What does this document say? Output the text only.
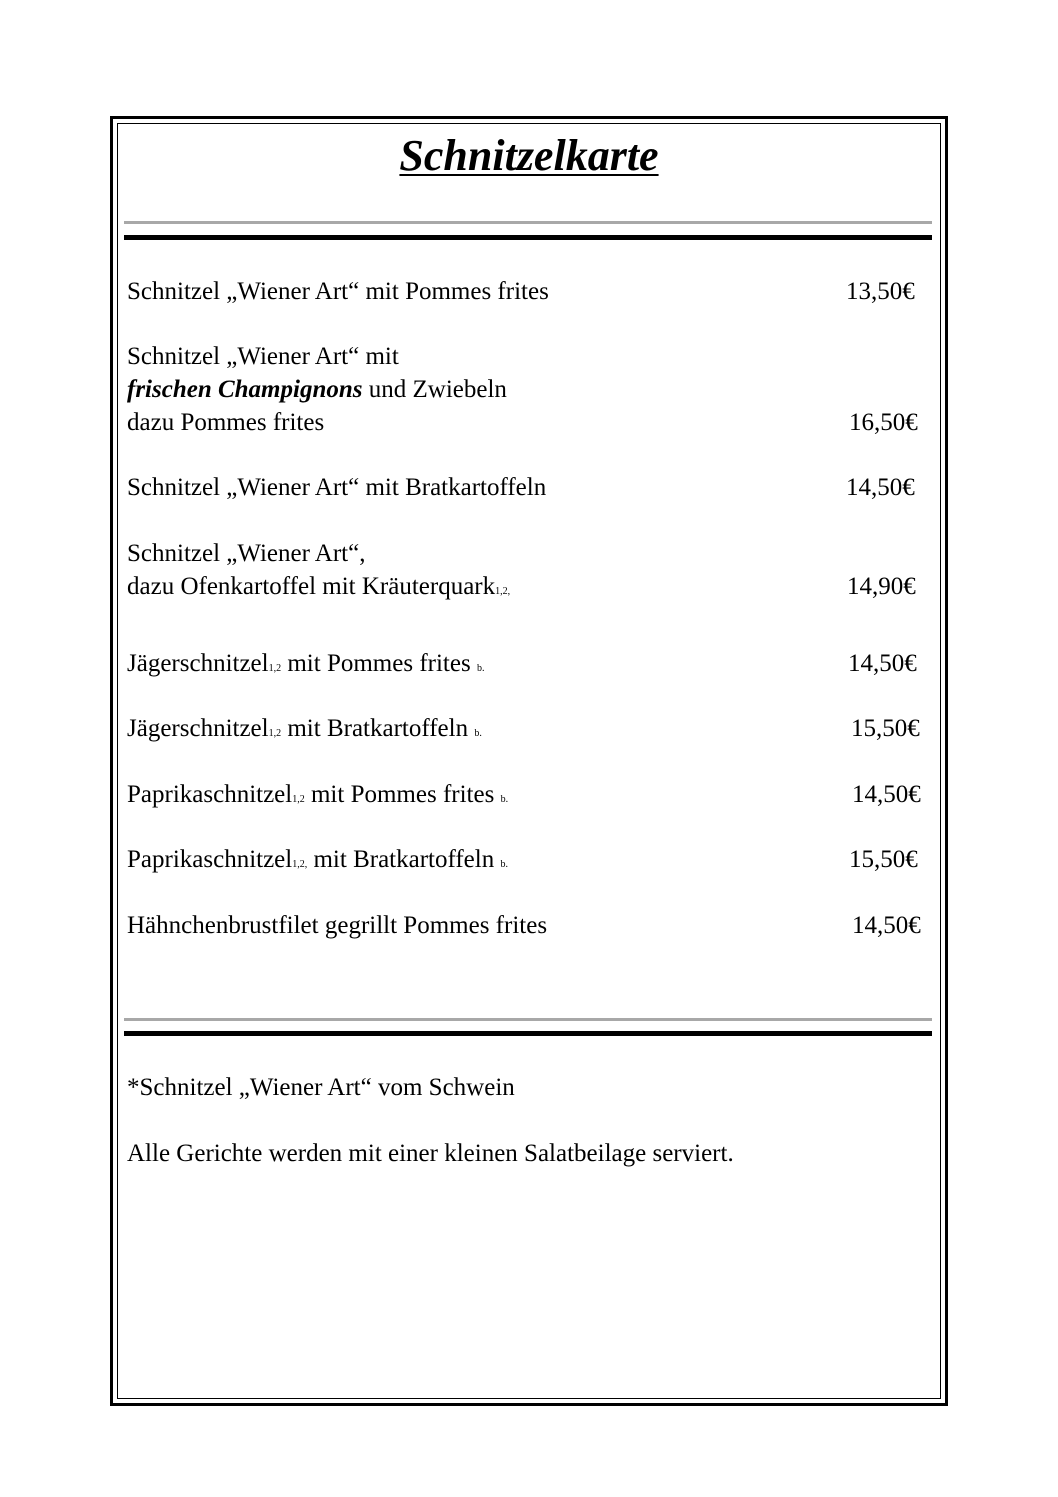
Schnitzelkarte
Schnitzel „Wiener Art“ mit Pommes frites	13,50€
Schnitzel „Wiener Art“ mit
frischen Champignons und Zwiebeln
dazu Pommes frites	16,50€
Schnitzel „Wiener Art“ mit Bratkartoffeln	14,50€
Schnitzel „Wiener Art“,
dazu Ofenkartoffel mit Kräuterquark1,2,	14,90€
Jägerschnitzel1,2 mit Pommes frites b.	14,50€
Jägerschnitzel1,2 mit Bratkartoffeln b.	15,50€
Paprikaschnitzel1,2 mit Pommes frites b.	14,50€
Paprikaschnitzel1,2, mit Bratkartoffeln b.	15,50€
Hähnchenbrustfilet gegrillt Pommes frites	14,50€
*Schnitzel „Wiener Art“ vom Schwein
Alle Gerichte werden mit einer kleinen Salatbeilage serviert.
